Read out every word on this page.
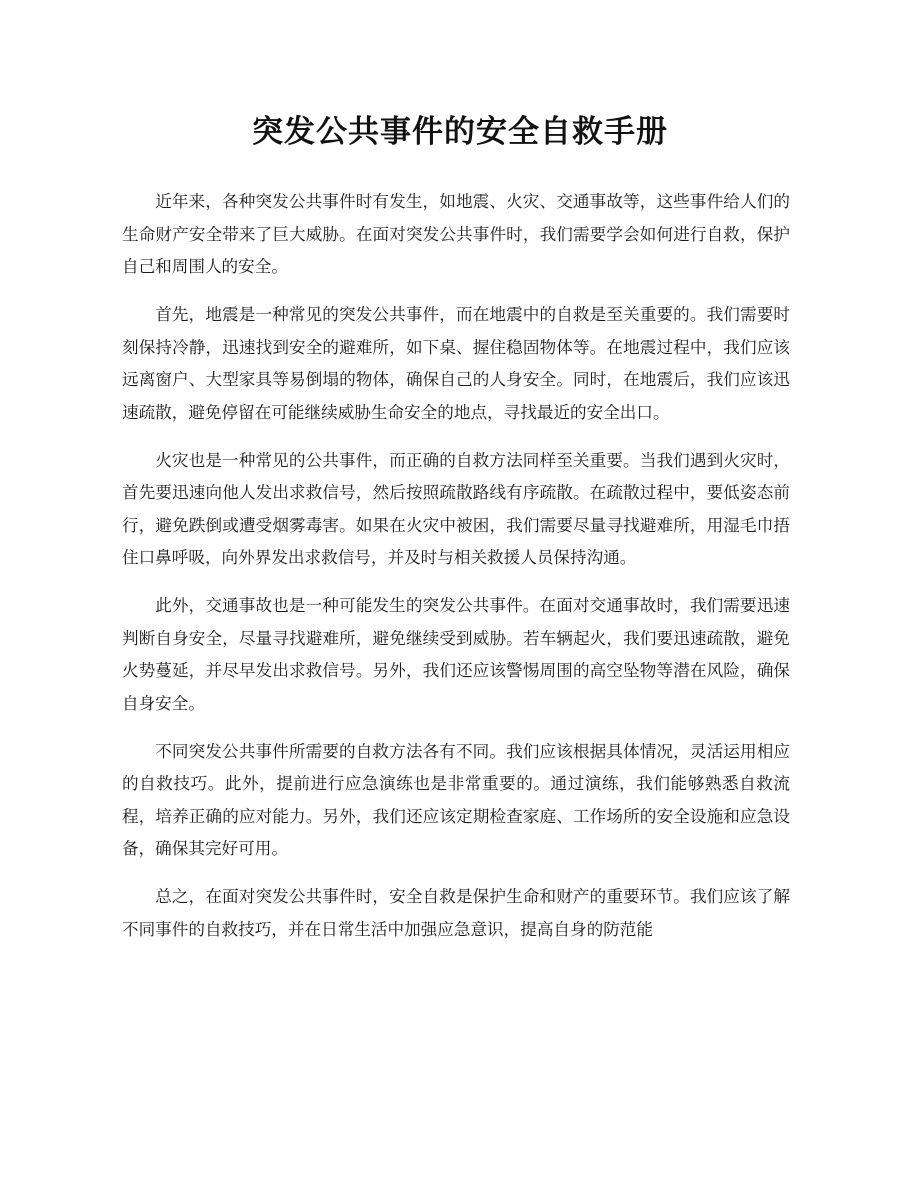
突发公共事件的安全自救手册

近年来，各种突发公共事件时有发生，如地震、火灾、交通事故等，这些事件给人们的生命财产安全带来了巨大威胁。在面对突发公共事件时，我们需要学会如何进行自救，保护自己和周围人的安全。

首先，地震是一种常见的突发公共事件，而在地震中的自救是至关重要的。我们需要时刻保持冷静，迅速找到安全的避难所，如下桌、握住稳固物体等。在地震过程中，我们应该远离窗户、大型家具等易倒塌的物体，确保自己的人身安全。同时，在地震后，我们应该迅速疏散，避免停留在可能继续威胁生命安全的地点，寻找最近的安全出口。

火灾也是一种常见的公共事件，而正确的自救方法同样至关重要。当我们遇到火灾时，首先要迅速向他人发出求救信号，然后按照疏散路线有序疏散。在疏散过程中，要低姿态前行，避免跌倒或遭受烟雾毒害。如果在火灾中被困，我们需要尽量寻找避难所，用湿毛巾捂住口鼻呼吸，向外界发出求救信号，并及时与相关救援人员保持沟通。

此外，交通事故也是一种可能发生的突发公共事件。在面对交通事故时，我们需要迅速判断自身安全，尽量寻找避难所，避免继续受到威胁。若车辆起火，我们要迅速疏散，避免火势蔓延，并尽早发出求救信号。另外，我们还应该警惕周围的高空坠物等潜在风险，确保自身安全。

不同突发公共事件所需要的自救方法各有不同。我们应该根据具体情况，灵活运用相应的自救技巧。此外，提前进行应急演练也是非常重要的。通过演练，我们能够熟悉自救流程，培养正确的应对能力。另外，我们还应该定期检查家庭、工作场所的安全设施和应急设备，确保其完好可用。

总之，在面对突发公共事件时，安全自救是保护生命和财产的重要环节。我们应该了解不同事件的自救技巧，并在日常生活中加强应急意识，提高自身的防范能
